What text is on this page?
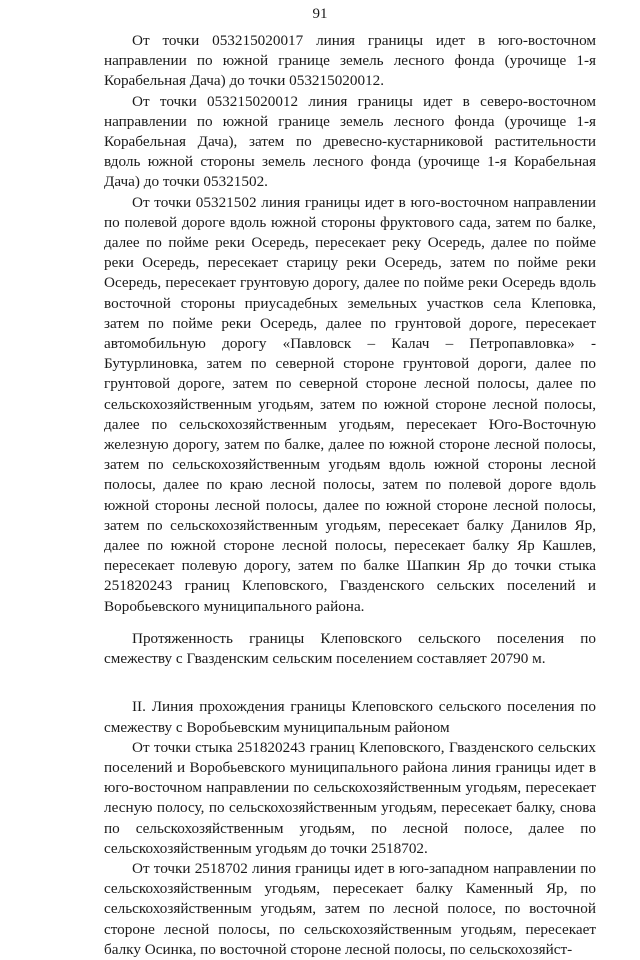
91

От точки 053215020017 линия границы идет в юго-восточном направлении по южной границе земель лесного фонда (урочище 1-я Корабельная Дача) до точки 053215020012.

От точки 053215020012 линия границы идет в северо-восточном направлении по южной границе земель лесного фонда (урочище 1-я Корабельная Дача), затем по древесно-кустарниковой растительности вдоль южной стороны земель лесного фонда (урочище 1-я Корабельная Дача) до точки 05321502.

От точки 05321502 линия границы идет в юго-восточном направлении по полевой дороге вдоль южной стороны фруктового сада, затем по балке, далее по пойме реки Осередь, пересекает реку Осередь, далее по пойме реки Осередь, пересекает старицу реки Осередь, затем по пойме реки Осередь, пересекает грунтовую дорогу, далее по пойме реки Осередь вдоль восточной стороны приусадебных земельных участков села Клеповка, затем по пойме реки Осередь, далее по грунтовой дороге, пересекает автомобильную дорогу «Павловск – Калач – Петропавловка» - Бутурлиновка, затем по северной стороне грунтовой дороги, далее по грунтовой дороге, затем по северной стороне лесной полосы, далее по сельскохозяйственным угодьям, затем по южной стороне лесной полосы, далее по сельскохозяйственным угодьям, пересекает Юго-Восточную железную дорогу, затем по балке, далее по южной стороне лесной полосы, затем по сельскохозяйственным угодьям вдоль южной стороны лесной полосы, далее по краю лесной полосы, затем по полевой дороге вдоль южной стороны лесной полосы, далее по южной стороне лесной полосы, затем по сельскохозяйственным угодьям, пересекает балку Данилов Яр, далее по южной стороне лесной полосы, пересекает балку Яр Кашлев, пересекает полевую дорогу, затем по балке Шапкин Яр до точки стыка 251820243 границ Клеповского, Гвазденского сельских поселений и Воробьевского муниципального района.

Протяженность границы Клеповского сельского поселения по смежеству с Гвазденским сельским поселением составляет 20790 м.

II. Линия прохождения границы Клеповского сельского поселения по смежеству с Воробьевским муниципальным районом

От точки стыка 251820243 границ Клеповского, Гвазденского сельских поселений и Воробьевского муниципального района линия границы идет в юго-восточном направлении по сельскохозяйственным угодьям, пересекает лесную полосу, по сельскохозяйственным угодьям, пересекает балку, снова по сельскохозяйственным угодьям, по лесной полосе, далее по сельскохозяйственным угодьям до точки 2518702.

От точки 2518702 линия границы идет в юго-западном направлении по сельскохозяйственным угодьям, пересекает балку Каменный Яр, по сельскохозяйственным угодьям, затем по лесной полосе, по восточной стороне лесной полосы, по сельскохозяйственным угодьям, пересекает балку Осинка, по восточной стороне лесной полосы, по сельскохозяйст-
